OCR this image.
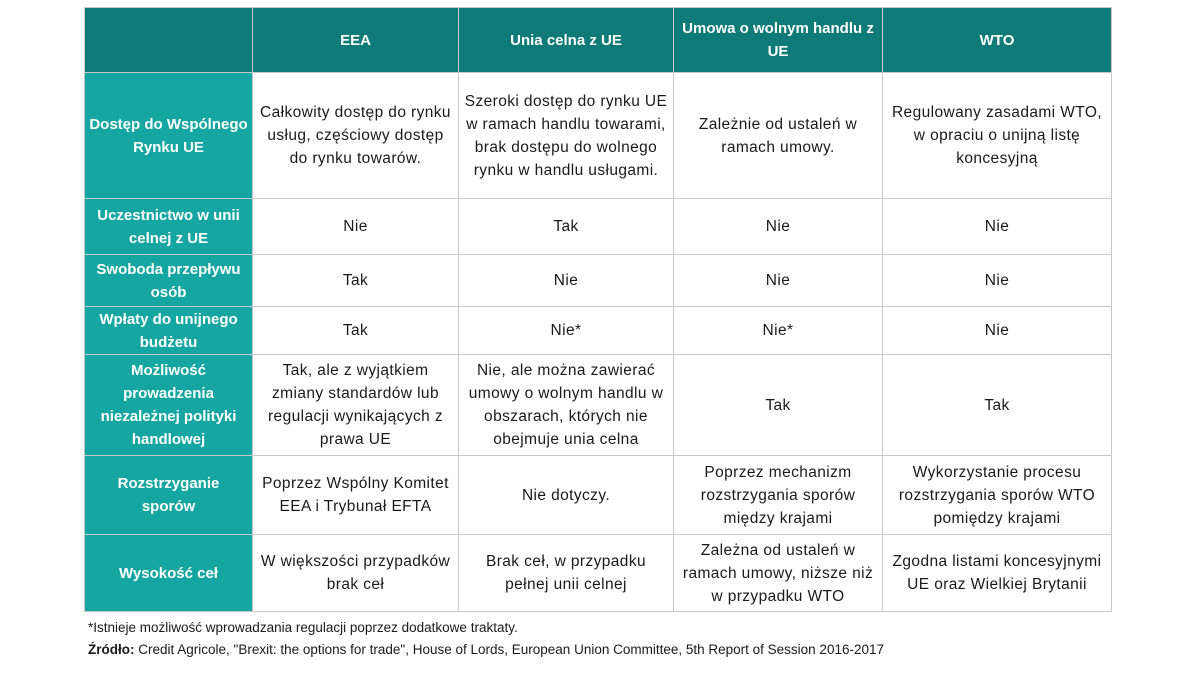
	EEA	Unia celna z UE	Umowa o wolnym handlu z UE	WTO
Dostęp do Wspólnego Rynku UE	Całkowity dostęp do rynku usług, częściowy dostęp do rynku towarów.	Szeroki dostęp do rynku UE w ramach handlu towarami, brak dostępu do wolnego rynku w handlu usługami.	Zależnie od ustaleń w ramach umowy.	Regulowany zasadami WTO, w opraciu o unijną listę koncesyjną
Uczestnictwo w unii celnej z UE	Nie	Tak	Nie	Nie
Swoboda przepływu osób	Tak	Nie	Nie	Nie
Wpłaty do unijnego budżetu	Tak	Nie*	Nie*	Nie
Możliwość prowadzenia niezależnej polityki handlowej	Tak, ale z wyjątkiem zmiany standardów lub regulacji wynikających z prawa UE	Nie, ale można zawierać umowy o wolnym handlu w obszarach, których nie obejmuje unia celna	Tak	Tak
Rozstrzyganie sporów	Poprzez Wspólny Komitet EEA i Trybunał EFTA	Nie dotyczy.	Poprzez mechanizm rozstrzygania sporów między krajami	Wykorzystanie procesu rozstrzygania sporów WTO pomiędzy krajami
Wysokość ceł	W większości przypadków brak ceł	Brak ceł, w przypadku pełnej unii celnej	Zależna od ustaleń w ramach umowy, niższe niż w przypadku WTO	Zgodna listami koncesyjnymi UE oraz Wielkiej Brytanii
*Istnieje możliwość wprowadzania regulacji poprzez dodatkowe traktaty.
Źródło: Credit Agricole, "Brexit: the options for trade", House of Lords, European Union Committee, 5th Report of Session 2016-2017
